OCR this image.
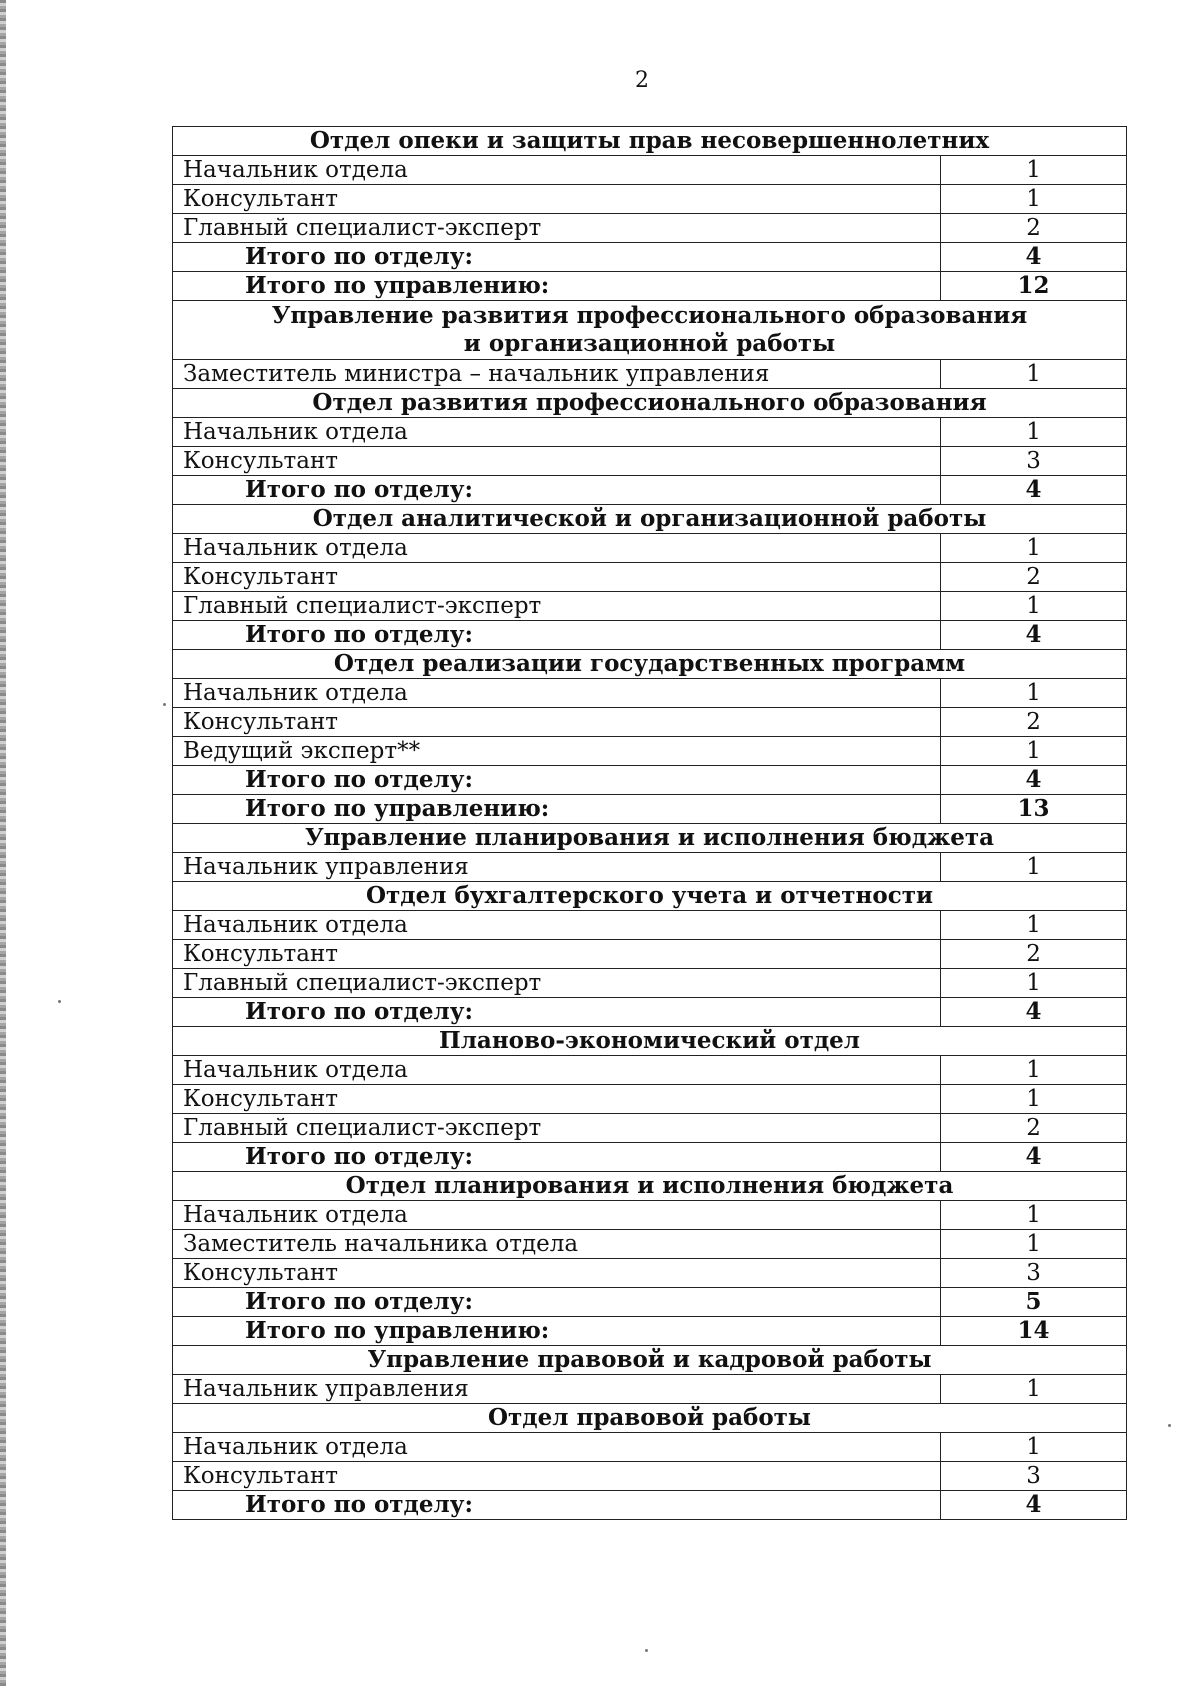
2
Отдел опеки и защиты прав несовершеннолетних	
Начальник отдела	1
Консультант	1
Главный специалист-эксперт	2
Итого по отделу:	4
Итого по управлению:	12
Управление развития профессионального образования
и организационной работы	
Заместитель министра – начальник управления	1
Отдел развития профессионального образования	
Начальник отдела	1
Консультант	3
Итого по отделу:	4
Отдел аналитической и организационной работы	
Начальник отдела	1
Консультант	2
Главный специалист-эксперт	1
Итого по отделу:	4
Отдел реализации государственных программ	
Начальник отдела	1
Консультант	2
Ведущий эксперт**	1
Итого по отделу:	4
Итого по управлению:	13
Управление планирования и исполнения бюджета	
Начальник управления	1
Отдел бухгалтерского учета и отчетности	
Начальник отдела	1
Консультант	2
Главный специалист-эксперт	1
Итого по отделу:	4
Планово-экономический отдел	
Начальник отдела	1
Консультант	1
Главный специалист-эксперт	2
Итого по отделу:	4
Отдел планирования и исполнения бюджета	
Начальник отдела	1
Заместитель начальника отдела	1
Консультант	3
Итого по отделу:	5
Итого по управлению:	14
Управление правовой и кадровой работы	
Начальник управления	1
Отдел правовой работы	
Начальник отдела	1
Консультант	3
Итого по отделу:	4
